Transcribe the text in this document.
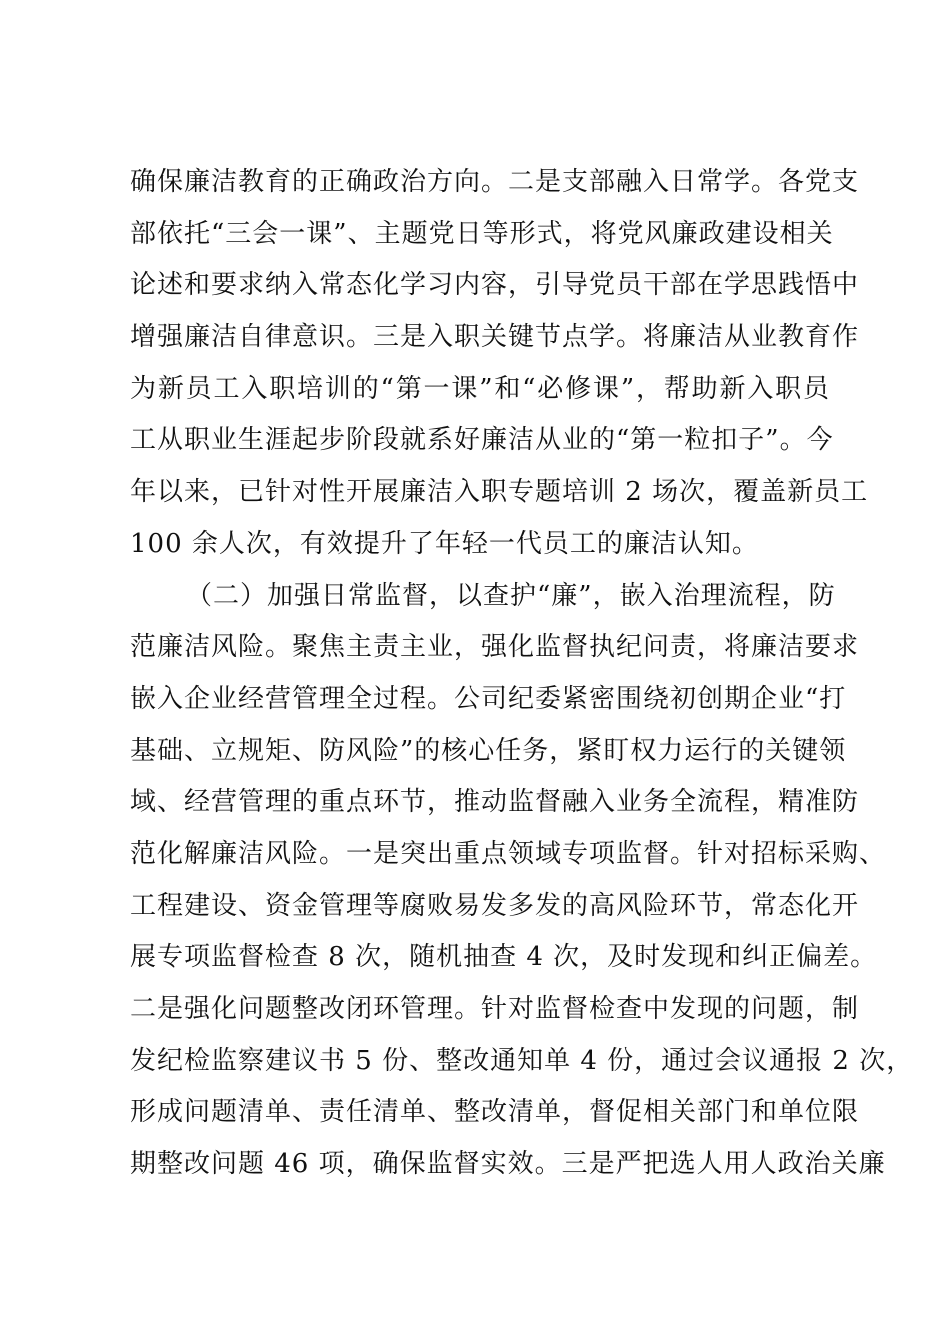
确保廉洁教育的正确政治方向。二是支部融入日常学。各党支
部依托“三会一课”、主题党日等形式，将党风廉政建设相关
论述和要求纳入常态化学习内容，引导党员干部在学思践悟中
增强廉洁自律意识。三是入职关键节点学。将廉洁从业教育作
为新员工入职培训的“第一课”和“必修课”，帮助新入职员
工从职业生涯起步阶段就系好廉洁从业的“第一粒扣子”。今
年以来，已针对性开展廉洁入职专题培训 2 场次，覆盖新员工
100 余人次，有效提升了年轻一代员工的廉洁认知。
（二）加强日常监督，以查护“廉”，嵌入治理流程，防
范廉洁风险。聚焦主责主业，强化监督执纪问责，将廉洁要求
嵌入企业经营管理全过程。公司纪委紧密围绕初创期企业“打
基础、立规矩、防风险”的核心任务，紧盯权力运行的关键领
域、经营管理的重点环节，推动监督融入业务全流程，精准防
范化解廉洁风险。一是突出重点领域专项监督。针对招标采购、
工程建设、资金管理等腐败易发多发的高风险环节，常态化开
展专项监督检查 8 次，随机抽查 4 次，及时发现和纠正偏差。
二是强化问题整改闭环管理。针对监督检查中发现的问题，制
发纪检监察建议书 5 份、整改通知单 4 份，通过会议通报 2 次，
形成问题清单、责任清单、整改清单，督促相关部门和单位限
期整改问题 46 项，确保监督实效。三是严把选人用人政治关廉
